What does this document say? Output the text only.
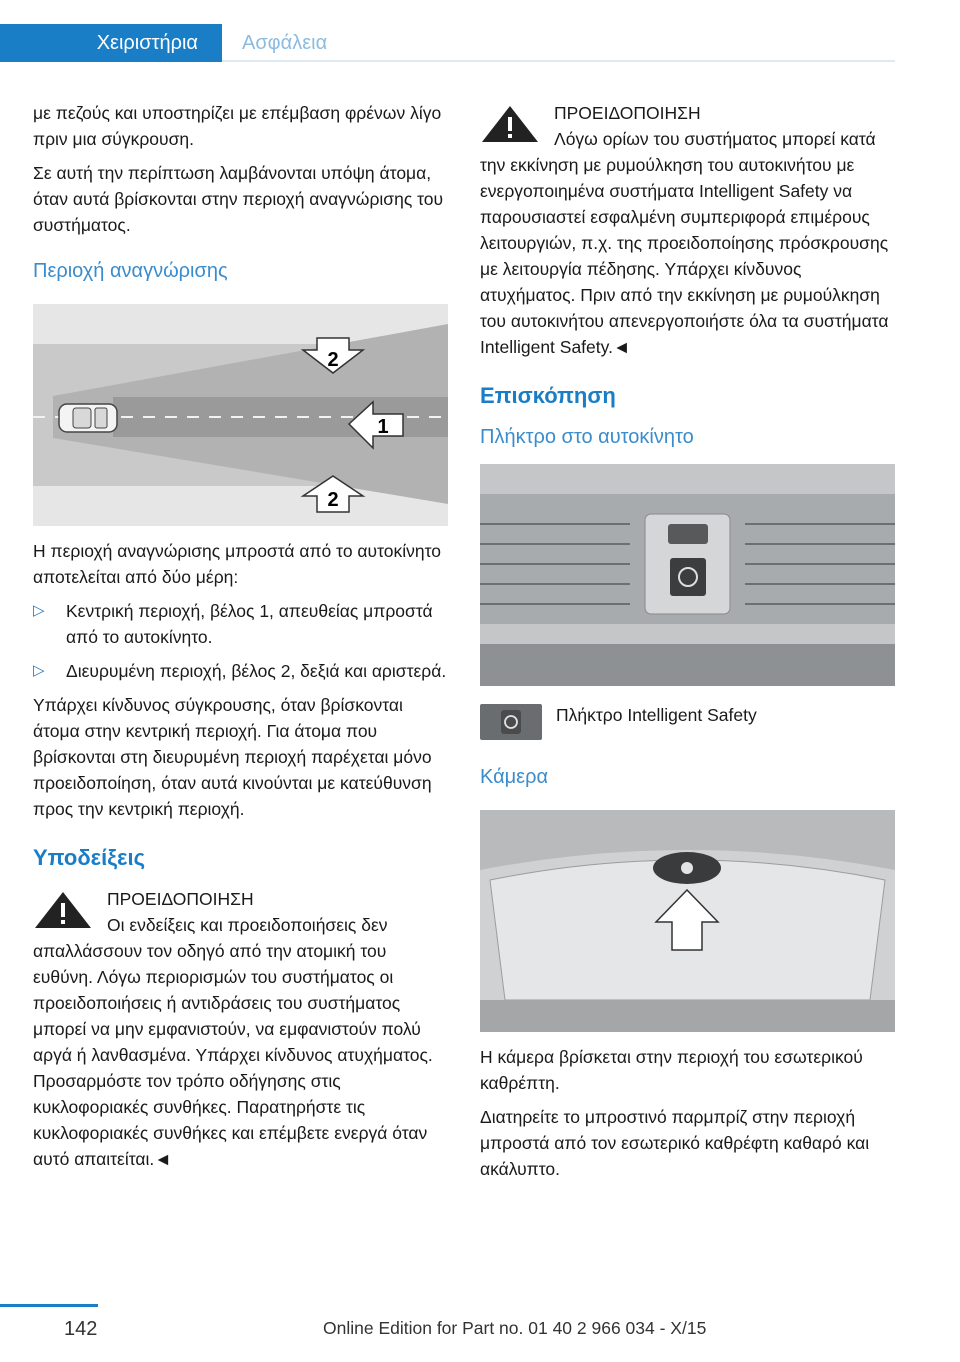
Χειριστήρια	Ασφάλεια

με πεζούς και υποστηρίζει με επέμβαση φρένων λίγο πριν μια σύγκρουση.

Σε αυτή την περίπτωση λαμβάνονται υπόψη άτομα, όταν αυτά βρίσκονται στην περιοχή αναγνώρισης του συστήματος.

Περιοχή αναγνώρισης
2
1
2

Η περιοχή αναγνώρισης μπροστά από το αυτοκίνητο αποτελείται από δύο μέρη:

▷ Κεντρική περιοχή, βέλος 1, απευθείας μπροστά από το αυτοκίνητο.
▷ Διευρυμένη περιοχή, βέλος 2, δεξιά και αριστερά.

Υπάρχει κίνδυνος σύγκρουσης, όταν βρίσκονται άτομα στην κεντρική περιοχή. Για άτομα που βρίσκονται στη διευρυμένη περιοχή παρέχεται μόνο προειδοποίηση, όταν αυτά κινούνται με κατεύθυνση προς την κεντρική περιοχή.

Υποδείξεις

ΠΡΟΕΙΔΟΠΟΙΗΣΗ

Οι ενδείξεις και προειδοποιήσεις δεν απαλλάσσουν τον οδηγό από την ατομική του ευθύνη. Λόγω περιορισμών του συστήματος οι προειδοποιήσεις ή αντιδράσεις του συστήματος μπορεί να μην εμφανιστούν, να εμφανιστούν πολύ αργά ή λανθασμένα. Υπάρχει κίνδυνος ατυχήματος. Προσαρμόστε τον τρόπο οδήγησης στις κυκλοφοριακές συνθήκες. Παρατηρήστε τις κυκλοφοριακές συνθήκες και επέμβετε ενεργά όταν αυτό απαιτείται.◄

ΠΡΟΕΙΔΟΠΟΙΗΣΗ

Λόγω ορίων του συστήματος μπορεί κατά την εκκίνηση με ρυμούλκηση του αυτοκινήτου με ενεργοποιημένα συστήματα Intelligent Safety να παρουσιαστεί εσφαλμένη συμπεριφορά επιμέρους λειτουργιών, π.χ. της προειδοποίησης πρόσκρουσης με λειτουργία πέδησης. Υπάρχει κίνδυνος ατυχήματος. Πριν από την εκκίνηση με ρυμούλκηση του αυτοκινήτου απενεργοποιήστε όλα τα συστήματα Intelligent Safety.◄

Επισκόπηση
Πλήκτρο στο αυτοκίνητο
Πλήκτρο Intelligent Safety
Κάμερα

Η κάμερα βρίσκεται στην περιοχή του εσωτερικού καθρέπτη.

Διατηρείτε το μπροστινό παρμπρίζ στην περιοχή μπροστά από τον εσωτερικό καθρέφτη καθαρό και ακάλυπτο.

142	Online Edition for Part no. 01 40 2 966 034 - X/15
